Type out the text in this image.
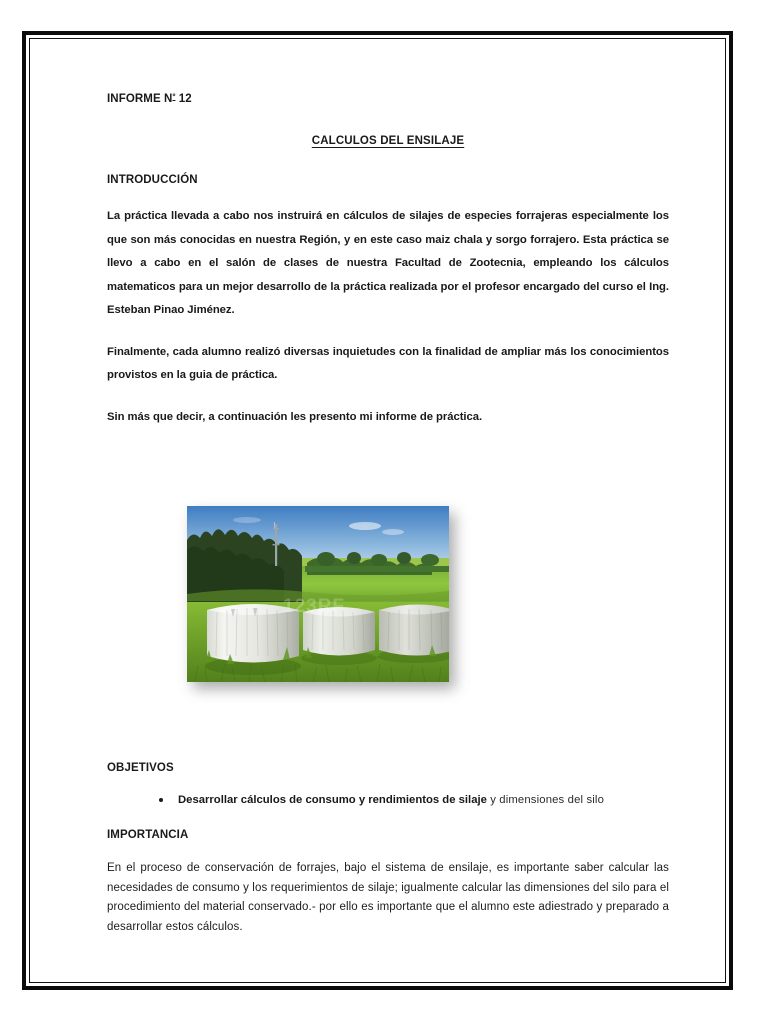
INFORME $N^º$ 12
CALCULOS DEL ENSILAJE
INTRODUCCIÓN

La práctica llevada a cabo nos instruirá en cálculos de silajes de especies forrajeras especialmente los que son más conocidas en nuestra Región, y en este caso maiz chala y sorgo forrajero. Esta práctica se llevo a cabo en el salón de clases de nuestra Facultad de Zootecnia, empleando los cálculos matematicos para un mejor desarrollo de la práctica realizada por el profesor encargado del curso el Ing. Esteban Pinao Jiménez.

Finalmente, cada alumno realizó diversas inquietudes con la finalidad de ampliar más los conocimientos provistos en la guia de práctica.

Sin más que decir, a continuación les presento mi informe de práctica.

123RF
OBJETIVOS
Desarrollar cálculos de consumo y rendimientos de silaje y dimensiones del silo
IMPORTANCIA

En el proceso de conservación de forrajes, bajo el sistema de ensilaje, es importante saber calcular las necesidades de consumo y los requerimientos de silaje; igualmente calcular las dimensiones del silo para el procedimiento del material conservado.- por ello es importante que el alumno este adiestrado y preparado a desarrollar estos cálculos.
